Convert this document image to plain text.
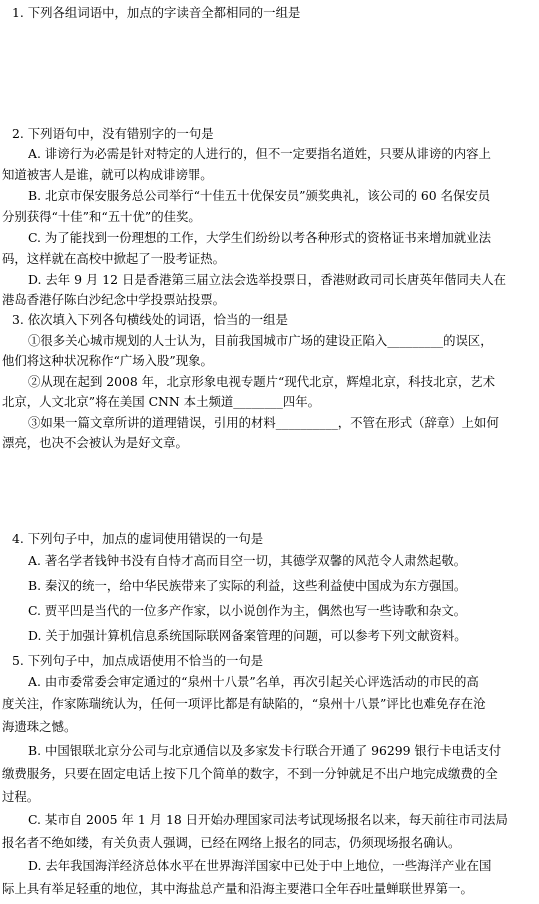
1. 下列各组词语中，加点的字读音全都相同的一组是
2. 下列语句中，没有错别字的一句是
A. 诽谤行为必需是针对特定的人进行的，但不一定要指名道姓，只要从诽谤的内容上
知道被害人是谁，就可以构成诽谤罪。
B. 北京市保安服务总公司举行“十佳五十优保安员”颁奖典礼，该公司的 60 名保安员
分别获得“十佳”和“五十优”的佳奖。
C. 为了能找到一份理想的工作，大学生们纷纷以考各种形式的资格证书来增加就业法
码，这样就在高校中掀起了一股考证热。
D. 去年 9 月 12 日是香港第三届立法会选举投票日，香港财政司司长唐英年偕同夫人在
港岛香港仔陈白沙纪念中学投票站投票。
3. 依次填入下列各句横线处的词语，恰当的一组是
①很多关心城市规划的人士认为，目前我国城市广场的建设正陷入_________的误区，
他们将这种状况称作“广场入股”现象。
②从现在起到 2008 年，北京形象电视专题片“现代北京，辉煌北京，科技北京，艺术
北京，人文北京”将在美国 CNN 本土频道________四年。
③如果一篇文章所讲的道理错误，引用的材料__________，不管在形式（辞章）上如何
漂亮，也决不会被认为是好文章。
4. 下列句子中，加点的虚词使用错误的一句是
A. 著名学者钱钟书没有自恃才高而目空一切，其德学双馨的风范令人肃然起敬。
B. 秦汉的统一，给中华民族带来了实际的利益，这些利益使中国成为东方强国。
C. 贾平凹是当代的一位多产作家，以小说创作为主，偶然也写一些诗歌和杂文。
D. 关于加强计算机信息系统国际联网备案管理的问题，可以参考下列文献资料。
5. 下列句子中，加点成语使用不恰当的一句是
A. 由市委常委会审定通过的“泉州十八景”名单，再次引起关心评选活动的市民的高
度关注，作家陈瑞统认为，任何一项评比都是有缺陷的，“泉州十八景”评比也难免存在沧
海遗珠之憾。
B. 中国银联北京分公司与北京通信以及多家发卡行联合开通了 96299 银行卡电话支付
缴费服务，只要在固定电话上按下几个简单的数字，不到一分钟就足不出户地完成缴费的全
过程。
C. 某市自 2005 年 1 月 18 日开始办理国家司法考试现场报名以来，每天前往市司法局
报名者不绝如缕，有关负责人强调，已经在网络上报名的同志，仍须现场报名确认。
D. 去年我国海洋经济总体水平在世界海洋国家中已处于中上地位，一些海洋产业在国
际上具有举足轻重的地位，其中海盐总产量和沿海主要港口全年吞吐量蝉联世界第一。
